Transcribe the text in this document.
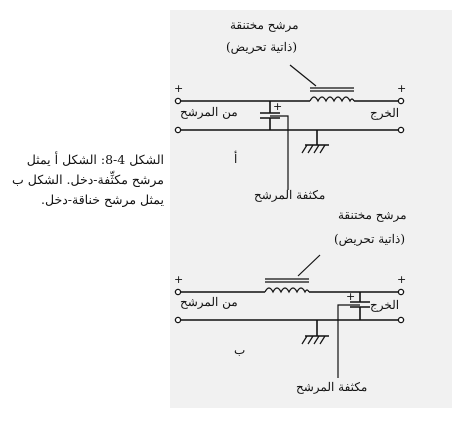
الشكل 4-8: الشكل أ يمثل مرشح مكثِّفة-دخل. الشكل ب يمثل مرشح خناقة-دخل.
+
+	+
+
+	+
مرشح مختنقة
(ذاتية تحريض)
من المرشح	الخرج
أ
مكثفة المرشح
مرشح مختنقة
(ذاتية تحريض)
من المرشح	الخرج
ب
مكثفة المرشح
